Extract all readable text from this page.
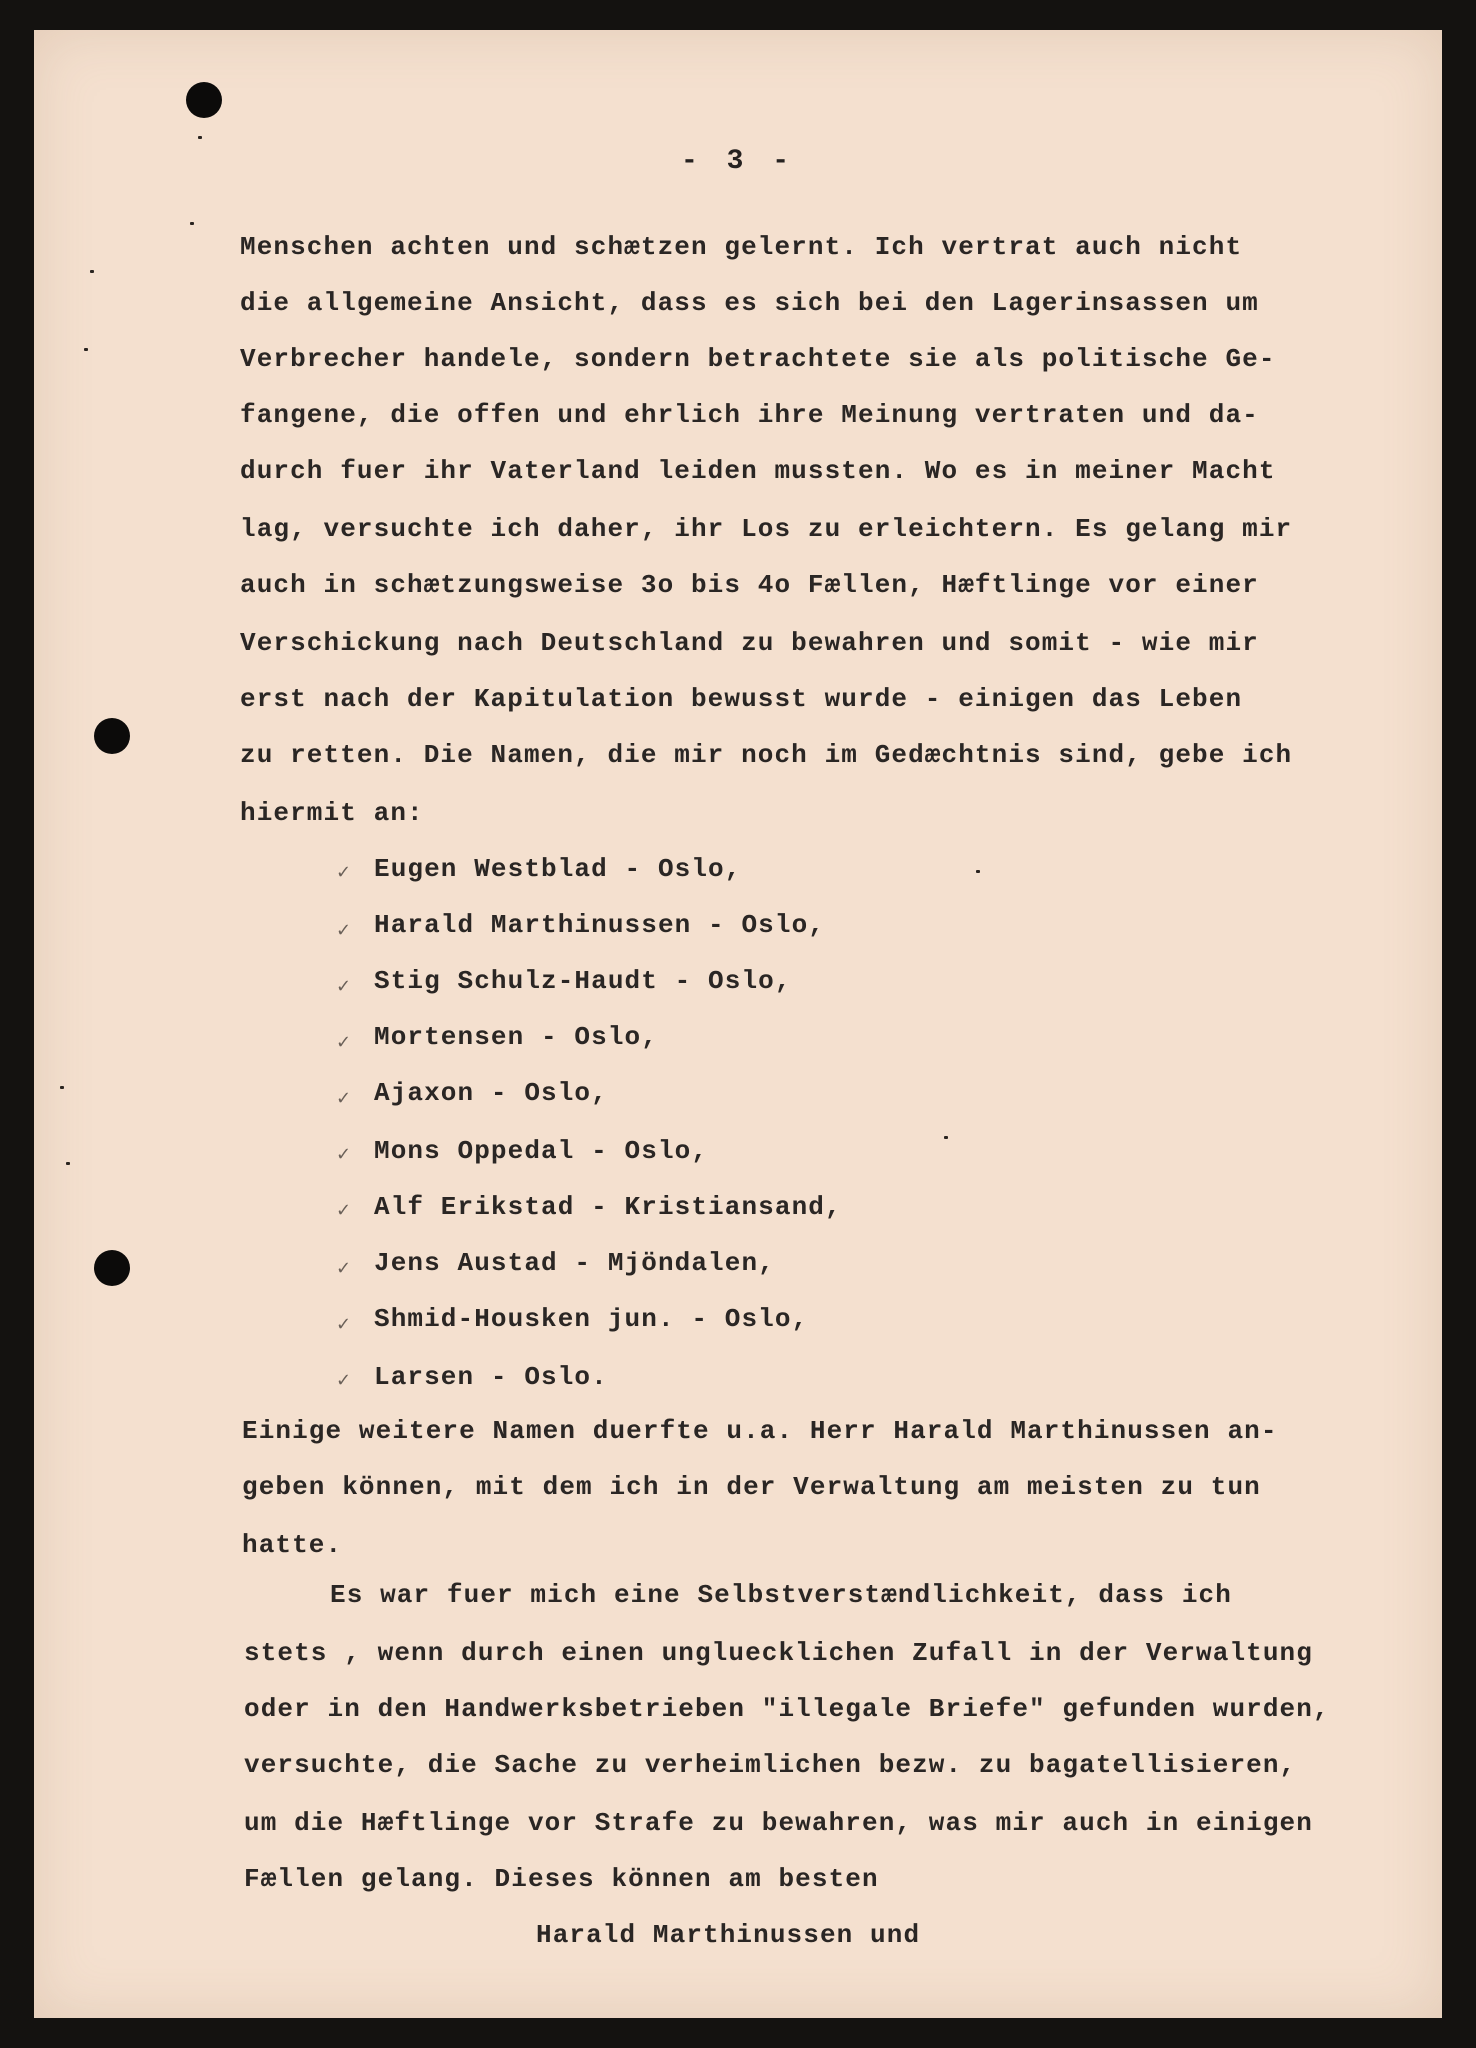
- 3 -
Menschen achten und schætzen gelernt. Ich vertrat auch nicht
die allgemeine Ansicht, dass es sich bei den Lagerinsassen um
Verbrecher handele, sondern betrachtete sie als politische Ge-
fangene, die offen und ehrlich ihre Meinung vertraten und da-
durch fuer ihr Vaterland leiden mussten. Wo es in meiner Macht
lag, versuchte ich daher, ihr Los zu erleichtern. Es gelang mir
auch in schætzungsweise 3o bis 4o Fællen, Hæftlinge vor einer
Verschickung nach Deutschland zu bewahren und somit - wie mir
erst nach der Kapitulation bewusst wurde - einigen das Leben
zu retten. Die Namen, die mir noch im Gedæchtnis sind, gebe ich
hiermit an:
✓ Eugen Westblad - Oslo,
✓ Harald Marthinussen - Oslo,
✓ Stig Schulz-Haudt - Oslo,
✓ Mortensen - Oslo,
✓ Ajaxon - Oslo,
✓ Mons Oppedal - Oslo,
✓ Alf Erikstad - Kristiansand,
✓ Jens Austad - Mjöndalen,
✓ Shmid-Housken jun. - Oslo,
✓ Larsen - Oslo.
Einige weitere Namen duerfte u.a. Herr Harald Marthinussen an-
geben können, mit dem ich in der Verwaltung am meisten zu tun
hatte.
Es war fuer mich eine Selbstverstændlichkeit, dass ich
stets , wenn durch einen ungluecklichen Zufall in der Verwaltung
oder in den Handwerksbetrieben "illegale Briefe" gefunden wurden,
versuchte, die Sache zu verheimlichen bezw. zu bagatellisieren,
um die Hæftlinge vor Strafe zu bewahren, was mir auch in einigen
Fællen gelang. Dieses können am besten
Harald Marthinussen und
